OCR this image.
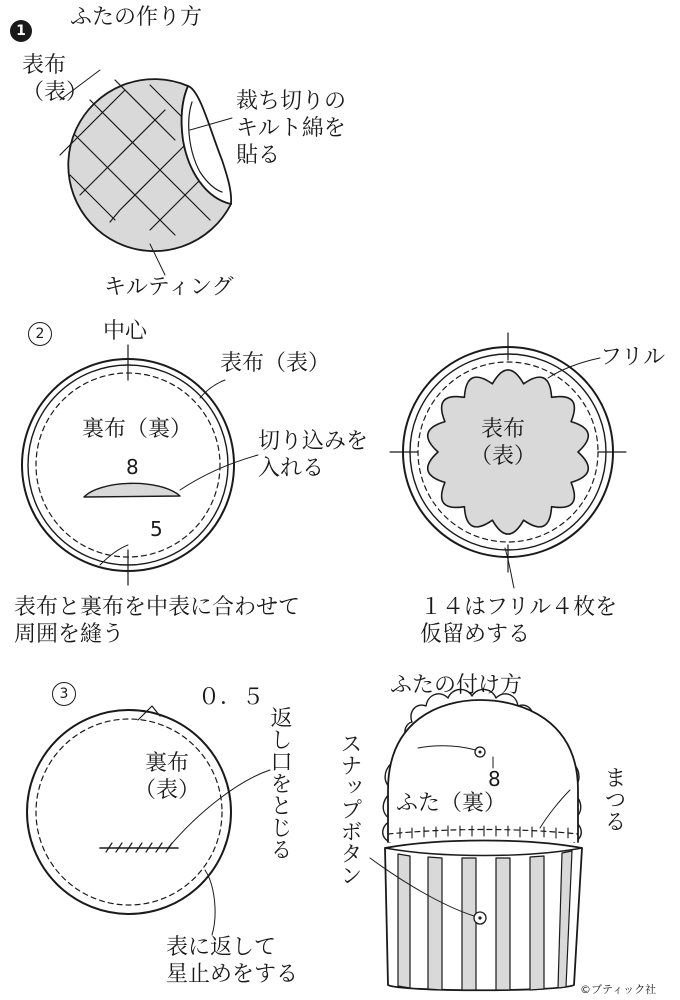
1
ふたの作り方
表布
（表）	裁ち切りの
キルト綿を
貼る
キルティング
2	中心
表布（表）
裏布（裏）	切り込みを
入れる
8
5
表布と裏布を中表に合わせて
周囲を縫う
フリル
表布
（表）
１４はフリル４枚を
仮留めする
3	０．５
裏布
（表）	返し口をとじる
表に返して
星止めをする
ふたの付け方
スナップボタン ふた（裏）
8	まつる
©ブティック社
